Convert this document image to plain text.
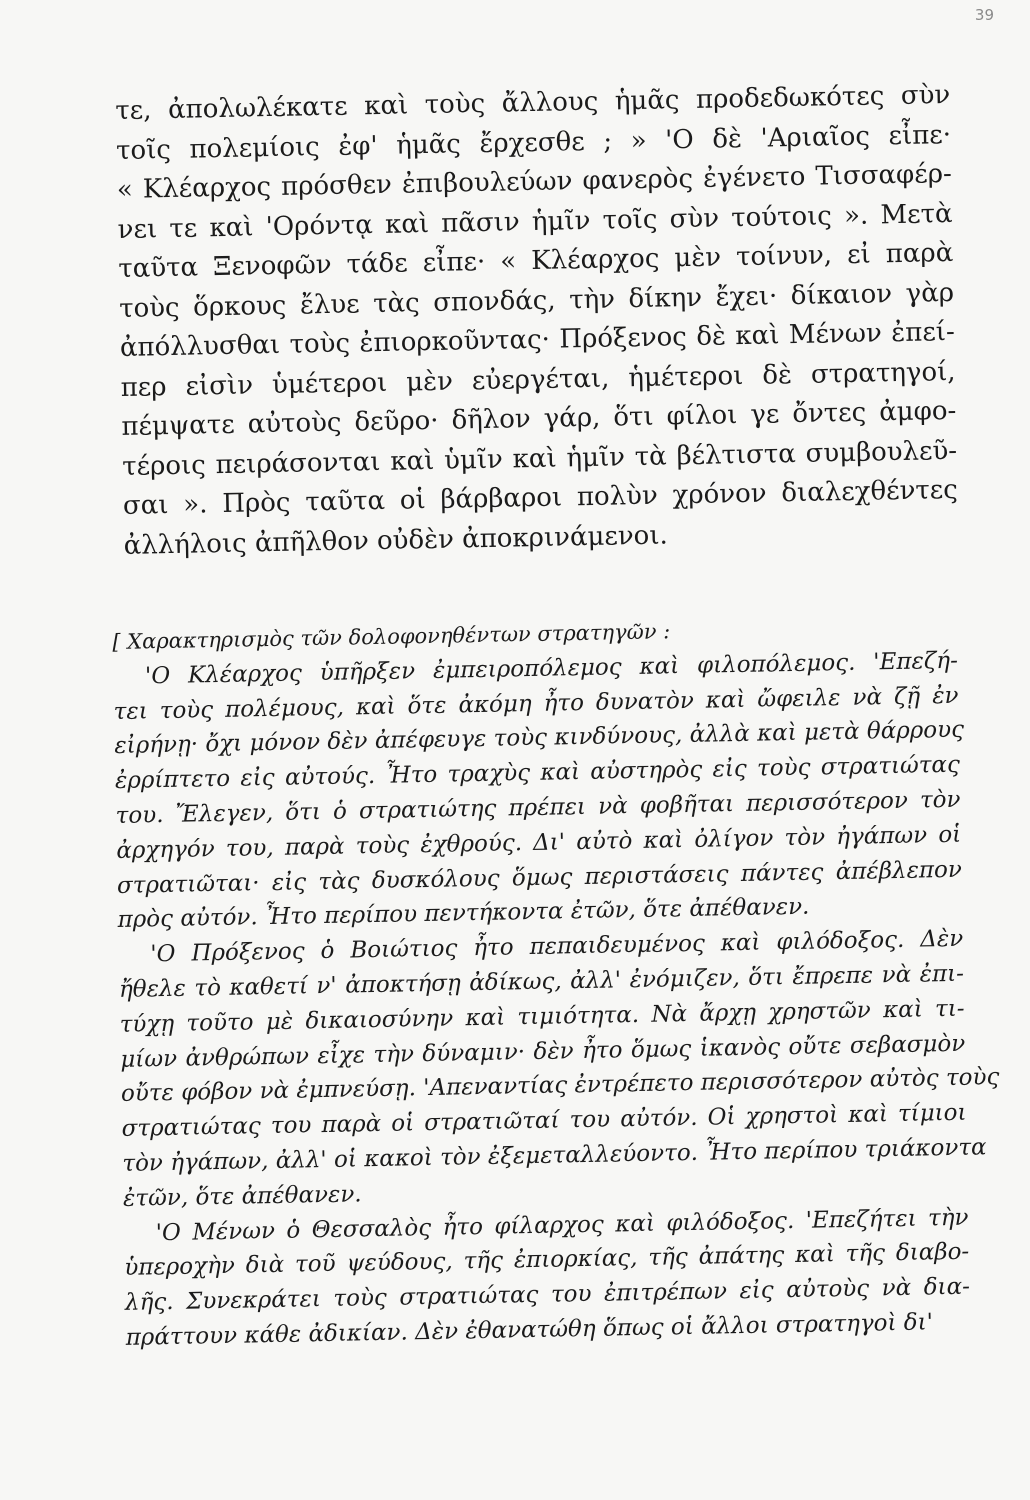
39
τε, ἀπολωλέκατε καὶ τοὺς ἄλλους ἡμᾶς προδεδωκότες σὺν
τοῖς πολεμίοις ἐφ' ἡμᾶς ἔρχεσθε ; » 'Ο δὲ 'Αριαῖος εἶπε·
« Κλέαρχος πρόσθεν ἐπιβουλεύων φανερὸς ἐγένετο Τισσαφέρ-
νει τε καὶ 'Ορόντᾳ καὶ πᾶσιν ἡμῖν τοῖς σὺν τούτοις ». Μετὰ
ταῦτα Ξενοφῶν τάδε εἶπε· « Κλέαρχος μὲν τοίνυν, εἰ παρὰ
τοὺς ὅρκους ἔλυε τὰς σπονδάς, τὴν δίκην ἔχει· δίκαιον γὰρ
ἀπόλλυσθαι τοὺς ἐπιορκοῦντας· Πρόξενος δὲ καὶ Μένων ἐπεί-
περ εἰσὶν ὑμέτεροι μὲν εὐεργέται, ἡμέτεροι δὲ στρατηγοί,
πέμψατε αὐτοὺς δεῦρο· δῆλον γάρ, ὅτι φίλοι γε ὄντες ἀμφο-
τέροις πειράσονται καὶ ὑμῖν καὶ ἡμῖν τὰ βέλτιστα συμβουλεῦ-
σαι ». Πρὸς ταῦτα οἱ βάρβαροι πολὺν χρόνον διαλεχθέντες
ἀλλήλοις ἀπῆλθον οὐδὲν ἀποκρινάμενοι.
[ Χαρακτηρισμὸς τῶν δολοφονηθέντων στρατηγῶν :
'Ο Κλέαρχος ὑπῆρξεν ἐμπειροπόλεμος καὶ φιλοπόλεμος. 'Επεζή-
τει τοὺς πολέμους, καὶ ὅτε ἀκόμη ἦτο δυνατὸν καὶ ὤφειλε νὰ ζῇ ἐν
εἰρήνῃ· ὄχι μόνον δὲν ἀπέφευγε τοὺς κινδύνους, ἀλλὰ καὶ μετὰ θάρρους
ἐρρίπτετο εἰς αὐτούς. Ἦτο τραχὺς καὶ αὐστηρὸς εἰς τοὺς στρατιώτας
του. Ἔλεγεν, ὅτι ὁ στρατιώτης πρέπει νὰ φοβῆται περισσότερον τὸν
ἀρχηγόν του, παρὰ τοὺς ἐχθρούς. Δι' αὐτὸ καὶ ὀλίγον τὸν ἠγάπων οἱ
στρατιῶται· εἰς τὰς δυσκόλους ὅμως περιστάσεις πάντες ἀπέβλεπον
πρὸς αὐτόν. Ἦτο περίπου πεντήκοντα ἐτῶν, ὅτε ἀπέθανεν.
'Ο Πρόξενος ὁ Βοιώτιος ἦτο πεπαιδευμένος καὶ φιλόδοξος. Δὲν
ἤθελε τὸ καθετί ν' ἀποκτήσῃ ἀδίκως, ἀλλ' ἐνόμιζεν, ὅτι ἔπρεπε νὰ ἐπι-
τύχῃ τοῦτο μὲ δικαιοσύνην καὶ τιμιότητα. Νὰ ἄρχῃ χρηστῶν καὶ τι-
μίων ἀνθρώπων εἶχε τὴν δύναμιν· δὲν ἦτο ὅμως ἱκανὸς οὔτε σεβασμὸν
οὔτε φόβον νὰ ἐμπνεύσῃ. 'Απεναντίας ἐντρέπετο περισσότερον αὐτὸς τοὺς
στρατιώτας του παρὰ οἱ στρατιῶταί του αὐτόν. Οἱ χρηστοὶ καὶ τίμιοι
τὸν ἠγάπων, ἀλλ' οἱ κακοὶ τὸν ἐξεμεταλλεύοντο. Ἦτο περίπου τριάκοντα
ἐτῶν, ὅτε ἀπέθανεν.
'Ο Μένων ὁ Θεσσαλὸς ἦτο φίλαρχος καὶ φιλόδοξος. 'Επεζήτει τὴν
ὑπεροχὴν διὰ τοῦ ψεύδους, τῆς ἐπιορκίας, τῆς ἀπάτης καὶ τῆς διαβο-
λῆς. Συνεκράτει τοὺς στρατιώτας του ἐπιτρέπων εἰς αὐτοὺς νὰ δια-
πράττουν κάθε ἀδικίαν. Δὲν ἐθανατώθη ὅπως οἱ ἄλλοι στρατηγοὶ δι'
